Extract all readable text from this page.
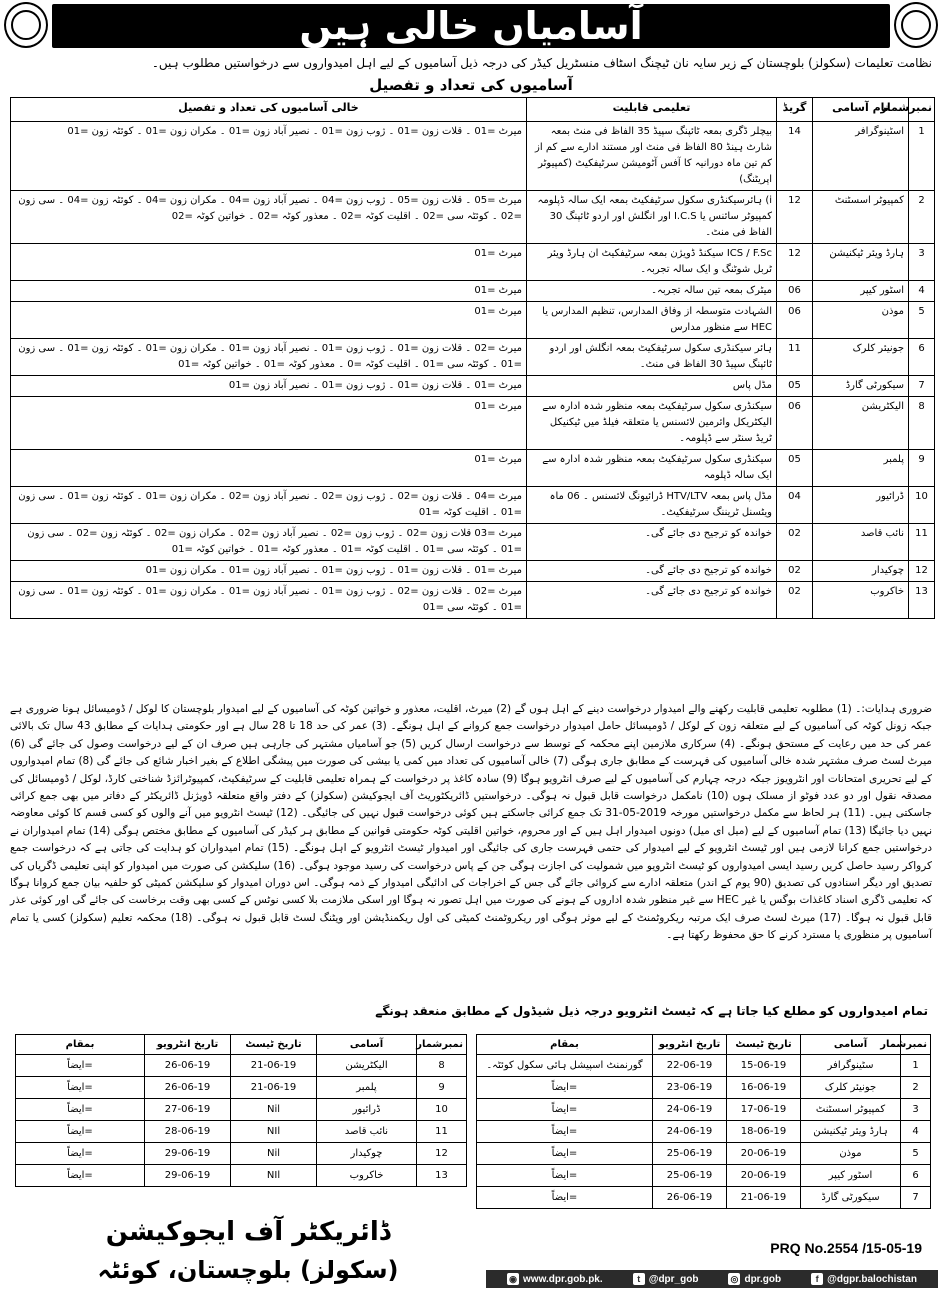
آسامیاں خالی ہیں
نظامت تعلیمات (سکولز) بلوچستان کے زیر سایہ نان ٹیچنگ اسٹاف منسٹریل کیڈر کی درجہ ذیل آسامیوں کے لیے اہل امیدواروں سے درخواستیں مطلوب ہیں۔
آسامیوں کی تعداد و تفصیل
نمبرشمار	نام آسامی	گریڈ	تعلیمی قابلیت	خالی آسامیوں کی تعداد و تفصیل
1	اسٹینوگرافر	14	بیچلر ڈگری بمعہ ٹائپنگ سپیڈ 35 الفاظ فی منٹ بمعہ شارٹ ہینڈ 80 الفاظ فی منٹ اور مستند ادارے سے کم از کم تین ماہ دورانیہ کا آفس آٹومیشن سرٹیفکیٹ (کمپیوٹر اپریٹنگ)	میرٹ =01 ۔ قلات زون =01 ۔ ژوب زون =01 ۔ نصیر آباد زون =01 ۔ مکران زون =01 ۔ کوئٹہ زون =01
2	کمپیوٹر اسسٹنٹ	12	i) ہائرسیکنڈری سکول سرٹیفکیٹ بمعہ ایک سالہ ڈپلومہ کمپیوٹر سائنس یا I.C.S اور انگلش اور اردو ٹائپنگ 30 الفاظ فی منٹ۔	میرٹ =05 ۔ قلات زون =05 ۔ ژوب زون =04 ۔ نصیر آباد زون =04 ۔ مکران زون =04 ۔ کوئٹہ زون =04 ۔ سی زون =02 ۔ کوئٹہ سی =02 ۔ اقلیت کوٹہ =02 ۔ معذور کوٹہ =02 ۔ خواتین کوٹہ =02
3	ہارڈ ویئر ٹیکنیشن	12	ICS / F.Sc سیکنڈ ڈویژن بمعہ سرٹیفکیٹ ان ہارڈ ویئر ٹربل شوٹنگ و ایک سالہ تجربہ۔	میرٹ =01
4	اسٹور کیپر	06	میٹرک بمعہ تین سالہ تجربہ۔	میرٹ =01
5	موذن	06	الشہادت متوسطہ از وفاق المدارس، تنظیم المدارس یا HEC سے منظور مدارس	میرٹ =01
6	جونیئر کلرک	11	ہائر سیکنڈری سکول سرٹیفکیٹ بمعہ انگلش اور اردو ٹائپنگ سپیڈ 30 الفاظ فی منٹ۔	میرٹ =02 ۔ قلات زون =01 ۔ ژوب زون =01 ۔ نصیر آباد زون =01 ۔ مکران زون =01 ۔ کوئٹہ زون =01 ۔ سی زون =01 ۔ کوئٹہ سی =01 ۔ اقلیت کوٹہ =0 ۔ معذور کوٹہ =01 ۔ خواتین کوٹہ =01
7	سیکورٹی گارڈ	05	مڈل پاس	میرٹ =01 ۔ قلات زون =01 ۔ ژوب زون =01 ۔ نصیر آباد زون =01
8	الیکٹریشن	06	سیکنڈری سکول سرٹیفکیٹ بمعہ منظور شدہ ادارہ سے الیکٹریکل وائرمین لائسنس یا متعلقہ فیلڈ میں ٹیکنیکل ٹریڈ سنٹر سے ڈپلومہ۔	میرٹ =01
9	پلمبر	05	سیکنڈری سکول سرٹیفکیٹ بمعہ منظور شدہ ادارہ سے ایک سالہ ڈپلومہ	میرٹ =01
10	ڈرائیور	04	مڈل پاس بمعہ HTV/LTV ڈرائیونگ لائسنس ۔ 06 ماہ ویٹسنل ٹریننگ سرٹیفکیٹ۔	میرٹ =04 ۔ قلات زون =02 ۔ ژوب زون =02 ۔ نصیر آباد زون =02 ۔ مکران زون =01 ۔ کوئٹہ زون =01 ۔ سی زون =01 ۔ اقلیت کوٹہ =01
11	نائب قاصد	02	خواندہ کو ترجیح دی جائے گی۔	میرٹ =03 قلات زون =02 ۔ ژوب زون =02 ۔ نصیر آباد زون =02 ۔ مکران زون =02 ۔ کوئٹہ زون =02 ۔ سی زون =01 ۔ کوئٹہ سی =01 ۔ اقلیت کوٹہ =01 ۔ معذور کوٹہ =01 ۔ خواتین کوٹہ =01
12	چوکیدار	02	خواندہ کو ترجیح دی جائے گی۔	میرٹ =01 ۔ قلات زون =01 ۔ ژوب زون =01 ۔ نصیر آباد زون =01 ۔ مکران زون =01
13	خاکروب	02	خواندہ کو ترجیح دی جائے گی۔	میرٹ =02 ۔ قلات زون =02 ۔ ژوب زون =01 ۔ نصیر آباد زون =01 ۔ مکران زون =01 ۔ کوئٹہ زون =01 ۔ سی زون =01 ۔ کوئٹہ سی =01
ضروری ہدایات:۔ (1) مطلوبہ تعلیمی قابلیت رکھنے والے امیدوار درخواست دینے کے اہل ہوں گے (2) میرٹ، اقلیت، معذور و خواتین کوٹہ کی آسامیوں کے لیے امیدوار بلوچستان کا لوکل / ڈومیسائل ہونا ضروری ہے جبکہ زونل کوٹہ کی آسامیوں کے لیے متعلقہ زون کے لوکل / ڈومیسائل حامل امیدوار درخواست جمع کروانے کے اہل ہونگے۔ (3) عمر کی حد 18 تا 28 سال ہے اور حکومتی ہدایات کے مطابق 43 سال تک بالائی عمر کی حد میں رعایت کے مستحق ہونگے۔ (4) سرکاری ملازمین اپنے محکمہ کے توسط سے درخواست ارسال کریں (5) جو آسامیاں مشتہر کی جارہی ہیں صرف ان کے لیے درخواست وصول کی جائے گی (6) میرٹ لسٹ صرف مشتہر شدہ خالی آسامیوں کی فہرست کے مطابق جاری ہوگی (7) خالی آسامیوں کی تعداد میں کمی یا بیشی کی صورت میں پیشگی اطلاع کے بغیر اخبار شائع کی جائے گی (8) تمام امیدواروں کے لیے تحریری امتحانات اور انٹرویوز جبکہ درجہ چہارم کی آسامیوں کے لیے صرف انٹرویو ہوگا (9) سادہ کاغذ پر درخواست کے ہمراہ تعلیمی قابلیت کے سرٹیفکیٹ، کمپیوٹرائزڈ شناختی کارڈ، لوکل / ڈومیسائل کی مصدقہ نقول اور دو عدد فوٹو از مسلک ہوں (10) نامکمل درخواست قابل قبول نہ ہوگی۔ درخواستیں ڈائریکٹوریٹ آف ایجوکیشن (سکولز) کے دفتر واقع متعلقہ ڈویژنل ڈائریکٹر کے دفاتر میں بھی جمع کرائی جاسکتی ہیں۔ (11) ہر لحاظ سے مکمل درخواستیں مورخہ 2019-05-31 تک جمع کرائی جاسکتے ہیں کوئی درخواست قبول نہیں کی جائیگی۔ (12) ٹیسٹ انٹرویو میں آنے والوں کو کسی قسم کا کوئی معاوضہ نہیں دیا جائیگا (13) تمام آسامیوں کے لیے (میل ای میل) دونوں امیدوار اہل ہیں کے اور محروم، خواتین اقلیتی کوٹہ حکومتی قوانین کے مطابق ہر کیڈر کی آسامیوں کے مطابق مختص ہوگی (14) تمام امیدواران نے درخواستیں جمع کرانا لازمی ہیں اور ٹیسٹ انٹرویو کے لیے امیدوار کی حتمی فہرست جاری کی جائیگی اور امیدوار ٹیسٹ انٹرویو کے اہل ہونگے۔ (15) تمام امیدواران کو ہدایت کی جاتی ہے کہ درخواست جمع کرواکر رسید حاصل کریں رسید ایسی امیدواروں کو ٹیسٹ انٹرویو میں شمولیت کی اجازت ہوگی جن کے پاس درخواست کی رسید موجود ہوگی۔ (16) سلیکشن کی صورت میں امیدوار کو اپنی تعلیمی ڈگریاں کی تصدیق اور دیگر اسنادوں کی تصدیق (90 یوم کے اندر) متعلقہ ادارے سے کروائی جائے گی جس کے اخراجات کی ادائیگی امیدوار کے ذمہ ہوگی۔ اس دوران امیدوار کو سلیکشن کمیٹی کو حلفیہ بیان جمع کروانا ہوگا کہ تعلیمی ڈگری اسناد کاغذات بوگس یا غیر HEC سے غیر منظور شدہ اداروں کے ہونے کی صورت میں اہل تصور نہ ہوگا اور اسکی ملازمت بلا کسی نوٹس کے کسی بھی وقت برخاست کی جائے گی اور کوئی عذر قابل قبول نہ ہوگا۔ (17) میرٹ لسٹ صرف ایک مرتبہ ریکروٹمنٹ کے لیے موثر ہوگی اور ریکروٹمنٹ کمیٹی کی اول ریکمنڈیشن اور ویٹنگ لسٹ قابل قبول نہ ہوگی۔ (18) محکمہ تعلیم (سکولز) کسی یا تمام آسامیوں پر منظوری یا مسترد کرنے کا حق محفوظ رکھتا ہے۔
تمام امیدواروں کو مطلع کیا جاتا ہے کہ ٹیسٹ انٹرویو درجہ ذیل شیڈول کے مطابق منعقد ہونگے
نمبرشمار	آسامی	تاریخ ٹیسٹ	تاریخ انٹرویو	بمقام
1	سٹینوگرافر	15-06-19	22-06-19	گورنمنٹ اسپیشل ہائی سکول کوئٹہ۔
2	جونیئر کلرک	16-06-19	23-06-19	=ایضاً
3	کمپیوٹر اسسٹنٹ	17-06-19	24-06-19	=ایضاً
4	ہارڈ ویئر ٹیکنیشن	18-06-19	24-06-19	=ایضاً
5	موذن	20-06-19	25-06-19	=ایضاً
6	اسٹور کیپر	20-06-19	25-06-19	=ایضاً
7	سیکورٹی گارڈ	21-06-19	26-06-19	=ایضاً
نمبرشمار	آسامی	تاریخ ٹیسٹ	تاریخ انٹرویو	بمقام
8	الیکٹریشن	21-06-19	26-06-19	=ایضاً
9	پلمبر	21-06-19	26-06-19	=ایضاً
10	ڈرائیور	Nil	27-06-19	=ایضاً
11	نائب قاصد	NIl	28-06-19	=ایضاً
12	چوکیدار	Nil	29-06-19	=ایضاً
13	خاکروب	NIl	29-06-19	=ایضاً
ڈائریکٹر آف ایجوکیشن
(سکولز) بلوچستان، کوئٹہ
PRQ No.2554 /15-05-19
◉ www.dpr.gob.pk.	t @dpr_gob	◎ dpr.gob	f @dgpr.balochistan
